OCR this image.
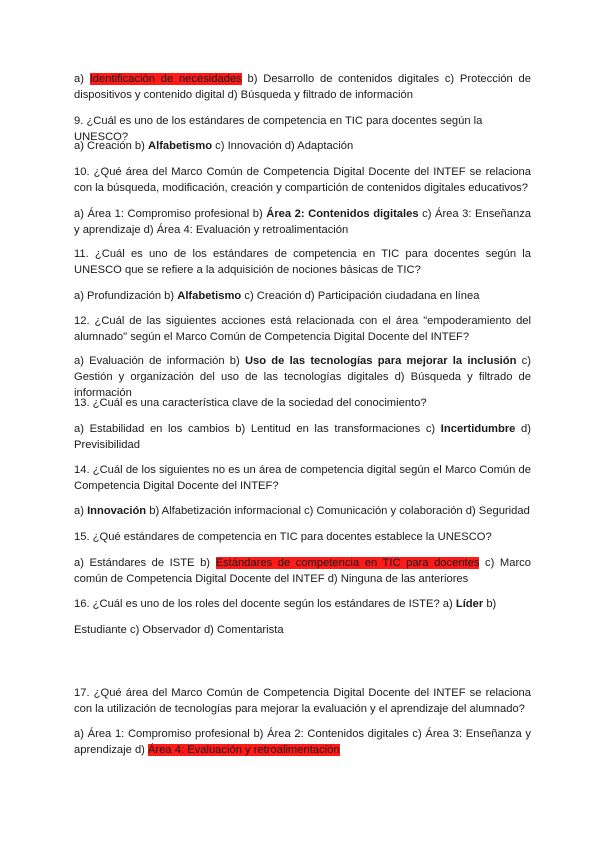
a) Identificación de necesidades b) Desarrollo de contenidos digitales c) Protección de dispositivos y contenido digital d) Búsqueda y filtrado de información

9. ¿Cuál es uno de los estándares de competencia en TIC para docentes según la UNESCO?

a) Creación b) Alfabetismo c) Innovación d) Adaptación

10. ¿Qué área del Marco Común de Competencia Digital Docente del INTEF se relaciona con la búsqueda, modificación, creación y compartición de contenidos digitales educativos?

a) Área 1: Compromiso profesional b) Área 2: Contenidos digitales c) Área 3: Enseñanza y aprendizaje d) Área 4: Evaluación y retroalimentación

11. ¿Cuál es uno de los estándares de competencia en TIC para docentes según la UNESCO que se refiere a la adquisición de nociones básicas de TIC?

a) Profundización b) Alfabetismo c) Creación d) Participación ciudadana en línea

12. ¿Cuál de las siguientes acciones está relacionada con el área "empoderamiento del alumnado" según el Marco Común de Competencia Digital Docente del INTEF?

a) Evaluación de información b) Uso de las tecnologías para mejorar la inclusión c) Gestión y organización del uso de las tecnologías digitales d) Búsqueda y filtrado de información

13. ¿Cuál es una característica clave de la sociedad del conocimiento?

a) Estabilidad en los cambios b) Lentitud en las transformaciones c) Incertidumbre d) Previsibilidad

14. ¿Cuál de los siguientes no es un área de competencia digital según el Marco Común de Competencia Digital Docente del INTEF?

a) Innovación b) Alfabetización informacional c) Comunicación y colaboración d) Seguridad

15. ¿Qué estándares de competencia en TIC para docentes establece la UNESCO?

a) Estándares de ISTE b) Estándares de competencia en TIC para docentes c) Marco común de Competencia Digital Docente del INTEF d) Ninguna de las anteriores

16. ¿Cuál es uno de los roles del docente según los estándares de ISTE? a) Líder b)

Estudiante c) Observador d) Comentarista

17. ¿Qué área del Marco Común de Competencia Digital Docente del INTEF se relaciona con la utilización de tecnologías para mejorar la evaluación y el aprendizaje del alumnado?

a) Área 1: Compromiso profesional b) Área 2: Contenidos digitales c) Área 3: Enseñanza y aprendizaje d) Área 4: Evaluación y retroalimentación
